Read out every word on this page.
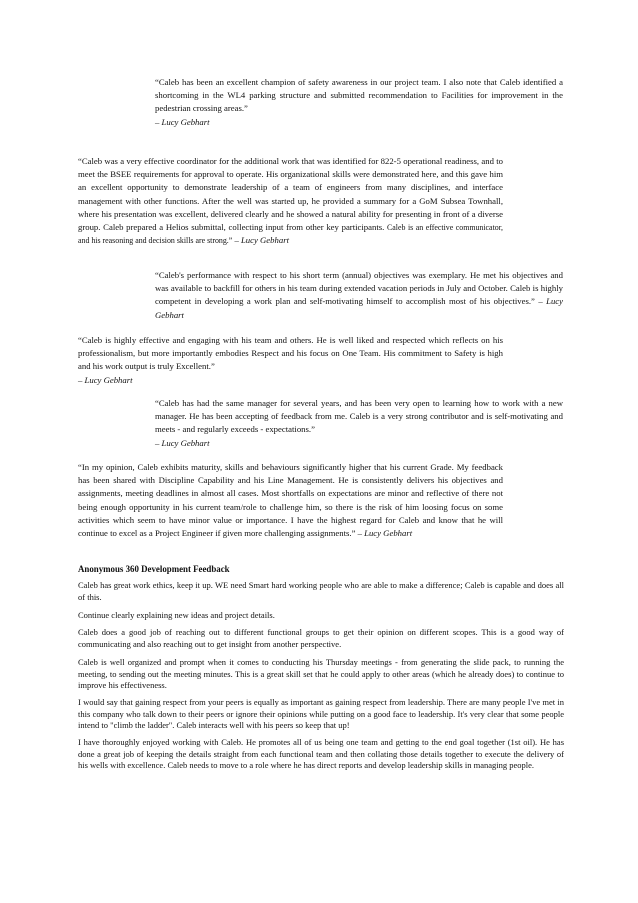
“Caleb has been an excellent champion of safety awareness in our project team. I also note that Caleb identified a shortcoming in the WL4 parking structure and submitted recommendation to Facilities for improvement in the pedestrian crossing areas.”
– Lucy Gebhart

“Caleb was a very effective coordinator for the additional work that was identified for 822-5 operational readiness, and to meet the BSEE requirements for approval to operate. His organizational skills were demonstrated here, and this gave him an excellent opportunity to demonstrate leadership of a team of engineers from many disciplines, and interface management with other functions. After the well was started up, he provided a summary for a GoM Subsea Townhall, where his presentation was excellent, delivered clearly and he showed a natural ability for presenting in front of a diverse group. Caleb prepared a Helios submittal, collecting input from other key participants. Caleb is an effective communicator, and his reasoning and decision skills are strong.” – Lucy Gebhart

“Caleb's performance with respect to his short term (annual) objectives was exemplary. He met his objectives and was available to backfill for others in his team during extended vacation periods in July and October. Caleb is highly competent in developing a work plan and self-motivating himself to accomplish most of his objectives.” – Lucy Gebhart

“Caleb is highly effective and engaging with his team and others. He is well liked and respected which reflects on his professionalism, but more importantly embodies Respect and his focus on One Team. His commitment to Safety is high and his work output is truly Excellent.”
– Lucy Gebhart

“Caleb has had the same manager for several years, and has been very open to learning how to work with a new manager. He has been accepting of feedback from me. Caleb is a very strong contributor and is self-motivating and meets - and regularly exceeds - expectations.”
– Lucy Gebhart

“In my opinion, Caleb exhibits maturity, skills and behaviours significantly higher that his current Grade. My feedback has been shared with Discipline Capability and his Line Management. He is consistently delivers his objectives and assignments, meeting deadlines in almost all cases. Most shortfalls on expectations are minor and reflective of there not being enough opportunity in his current team/role to challenge him, so there is the risk of him loosing focus on some activities which seem to have minor value or importance. I have the highest regard for Caleb and know that he will continue to excel as a Project Engineer if given more challenging assignments.” – Lucy Gebhart

Anonymous 360 Development Feedback

Caleb has great work ethics, keep it up. WE need Smart hard working people who are able to make a difference; Caleb is capable and does all of this.

Continue clearly explaining new ideas and project details.

Caleb does a good job of reaching out to different functional groups to get their opinion on different scopes. This is a good way of communicating and also reaching out to get insight from another perspective.

Caleb is well organized and prompt when it comes to conducting his Thursday meetings - from generating the slide pack, to running the meeting, to sending out the meeting minutes. This is a great skill set that he could apply to other areas (which he already does) to continue to improve his effectiveness.

I would say that gaining respect from your peers is equally as important as gaining respect from leadership. There are many people I've met in this company who talk down to their peers or ignore their opinions while putting on a good face to leadership. It's very clear that some people intend to "climb the ladder". Caleb interacts well with his peers so keep that up!

I have thoroughly enjoyed working with Caleb. He promotes all of us being one team and getting to the end goal together (1st oil). He has done a great job of keeping the details straight from each functional team and then collating those details together to execute the delivery of his wells with excellence. Caleb needs to move to a role where he has direct reports and develop leadership skills in managing people.
